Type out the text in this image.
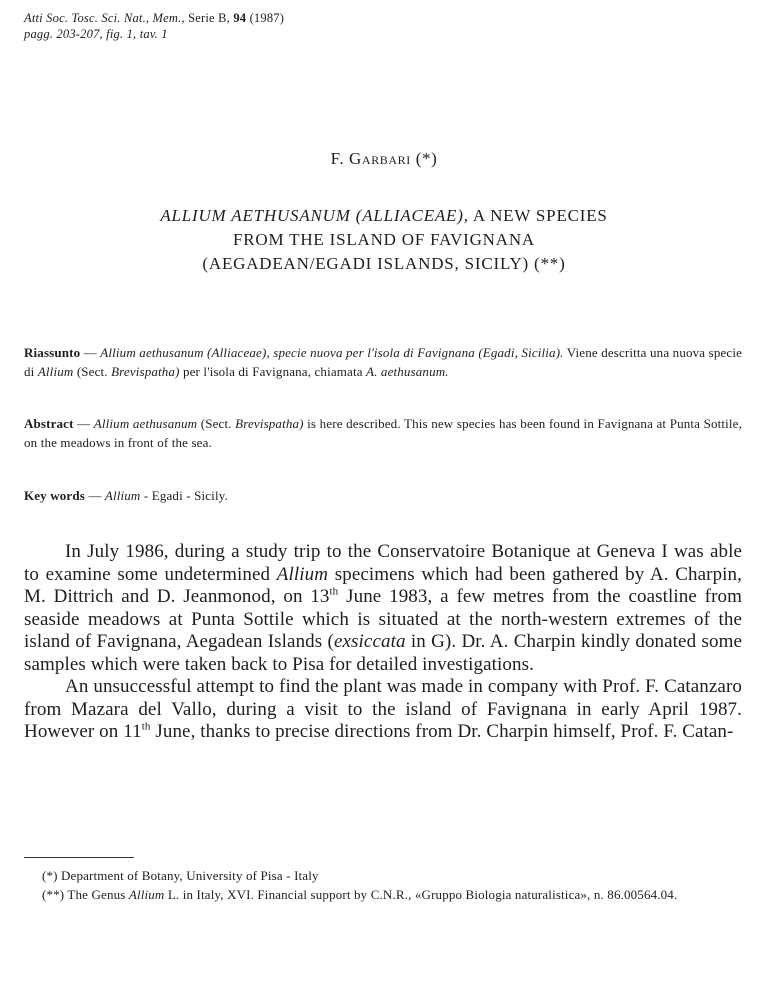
Atti Soc. Tosc. Sci. Nat., Mem., Serie B, 94 (1987)
pagg. 203-207, fig. 1, tav. 1
F. Garbari (*)
ALLIUM AETHUSANUM (ALLIACEAE), A NEW SPECIES
FROM THE ISLAND OF FAVIGNANA
(AEGADEAN/EGADI ISLANDS, SICILY) (**)
Riassunto — Allium aethusanum (Alliaceae), specie nuova per l'isola di Favignana (Egadi, Sicilia). Viene descritta una nuova specie di Allium (Sect. Brevispatha) per l'isola di Favignana, chiamata A. aethusanum.
Abstract — Allium aethusanum (Sect. Brevispatha) is here described. This new species has been found in Favignana at Punta Sottile, on the meadows in front of the sea.
Key words — Allium - Egadi - Sicily.

In July 1986, during a study trip to the Conservatoire Botanique at Geneva I was able to examine some undetermined Allium specimens which had been gathered by A. Charpin, M. Dittrich and D. Jeanmonod, on 13th June 1983, a few metres from the coastline from seaside meadows at Punta Sottile which is situated at the north-western extremes of the island of Favignana, Aegadean Islands (exsiccata in G). Dr. A. Charpin kindly donated some samples which were taken back to Pisa for detailed investigations.

An unsuccessful attempt to find the plant was made in company with Prof. F. Catanzaro from Mazara del Vallo, during a visit to the island of Favignana in early April 1987. However on 11th June, thanks to precise directions from Dr. Charpin himself, Prof. F. Catan-

(*) Department of Botany, University of Pisa - Italy

(**) The Genus Allium L. in Italy, XVI. Financial support by C.N.R., «Gruppo Biologia naturalistica», n. 86.00564.04.
